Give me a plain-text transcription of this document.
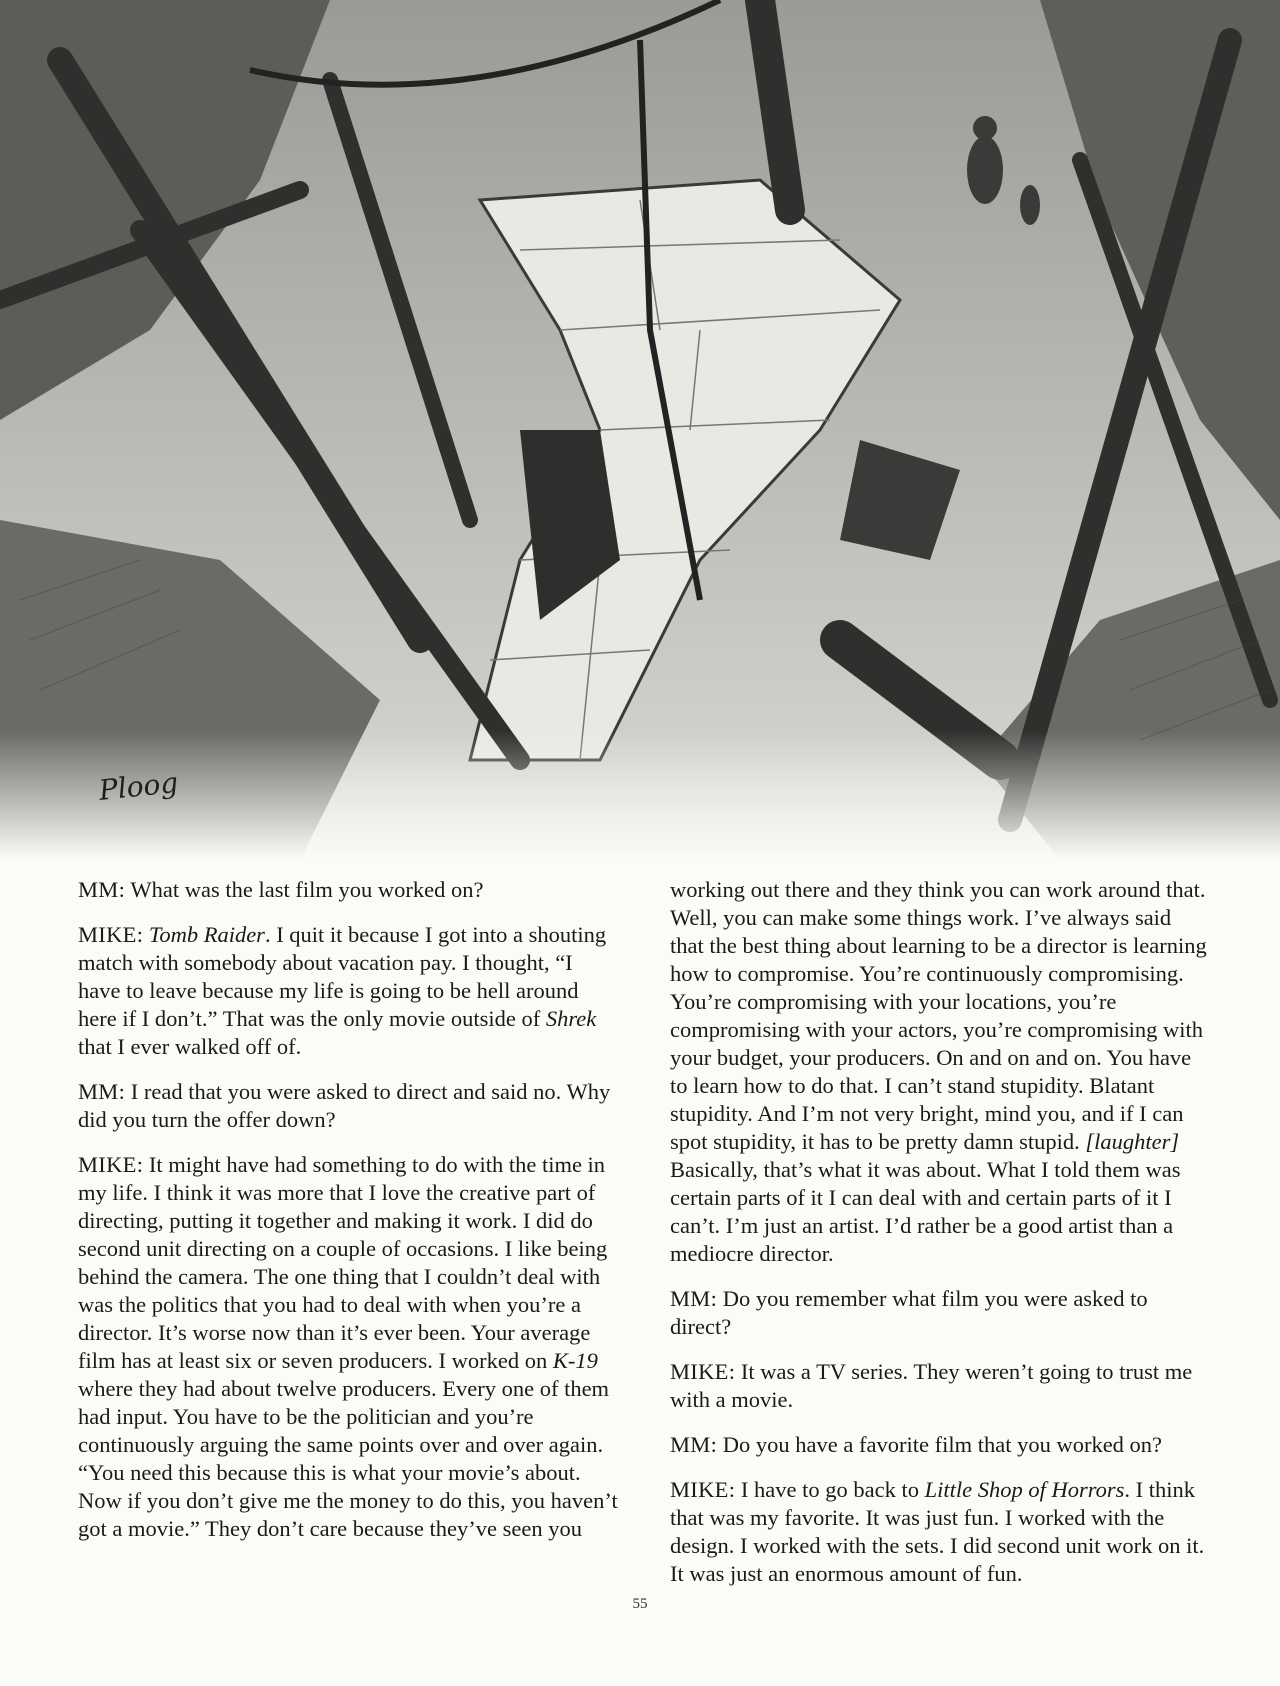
Ploog

MM: What was the last film you worked on?

MIKE: Tomb Raider. I quit it because I got into a shouting match with somebody about vacation pay. I thought, “I have to leave because my life is going to be hell around here if I don’t.” That was the only movie outside of Shrek that I ever walked off of.

MM: I read that you were asked to direct and said no. Why did you turn the offer down?

MIKE: It might have had something to do with the time in my life. I think it was more that I love the creative part of directing, putting it together and making it work. I did do second unit directing on a couple of occasions. I like being behind the camera. The one thing that I couldn’t deal with was the politics that you had to deal with when you’re a director. It’s worse now than it’s ever been. Your average film has at least six or seven producers. I worked on K-19 where they had about twelve producers. Every one of them had input. You have to be the politician and you’re continuously arguing the same points over and over again. “You need this because this is what your movie’s about. Now if you don’t give me the money to do this, you haven’t got a movie.” They don’t care because they’ve seen you

working out there and they think you can work around that. Well, you can make some things work. I’ve always said that the best thing about learning to be a director is learning how to compromise. You’re continuously compromising. You’re compromising with your locations, you’re compromising with your actors, you’re compromising with your budget, your producers. On and on and on. You have to learn how to do that. I can’t stand stupidity. Blatant stupidity. And I’m not very bright, mind you, and if I can spot stupidity, it has to be pretty damn stupid. [laughter] Basically, that’s what it was about. What I told them was certain parts of it I can deal with and certain parts of it I can’t. I’m just an artist. I’d rather be a good artist than a mediocre director.

MM: Do you remember what film you were asked to direct?

MIKE: It was a TV series. They weren’t going to trust me with a movie.

MM: Do you have a favorite film that you worked on?

MIKE: I have to go back to Little Shop of Horrors. I think that was my favorite. It was just fun. I worked with the design. I worked with the sets. I did second unit work on it. It was just an enormous amount of fun.

55
